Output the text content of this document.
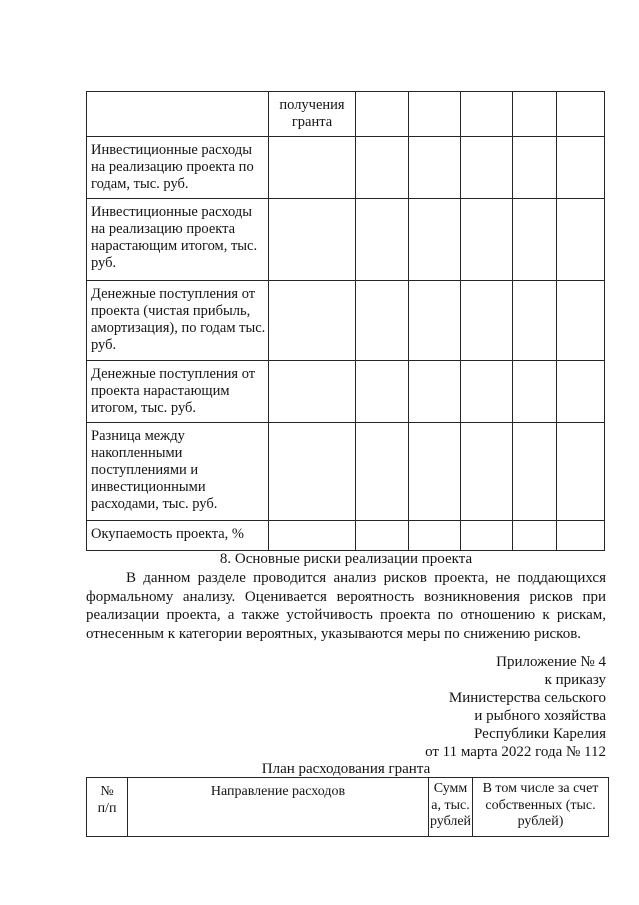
	получения гранта					
Инвестиционные расходы на реализацию проекта по годам, тыс. руб.						
Инвестиционные расходы на реализацию проекта нарастающим итогом, тыс. руб.						
Денежные поступления от проекта (чистая прибыль, амортизация), по годам тыс. руб.						
Денежные поступления от проекта нарастающим итогом, тыс. руб.						
Разница между накопленными поступлениями и инвестиционными расходами, тыс. руб.						
Окупаемость проекта, %						
8. Основные риски реализации проекта

В данном разделе проводится анализ рисков проекта, не поддающихся формальному анализу. Оценивается вероятность возникновения рисков при реализации проекта, а также устойчивость проекта по отношению к рискам, отнесенным к категории вероятных, указываются меры по снижению рисков.

Приложение № 4
к приказу
Министерства сельского
и рыбного хозяйства
Республики Карелия
от 11 марта 2022 года № 112
План расходования гранта
№ п/п	Направление расходов	Сумма, тыс. рублей	В том числе за счет собственных (тыс. рублей)
